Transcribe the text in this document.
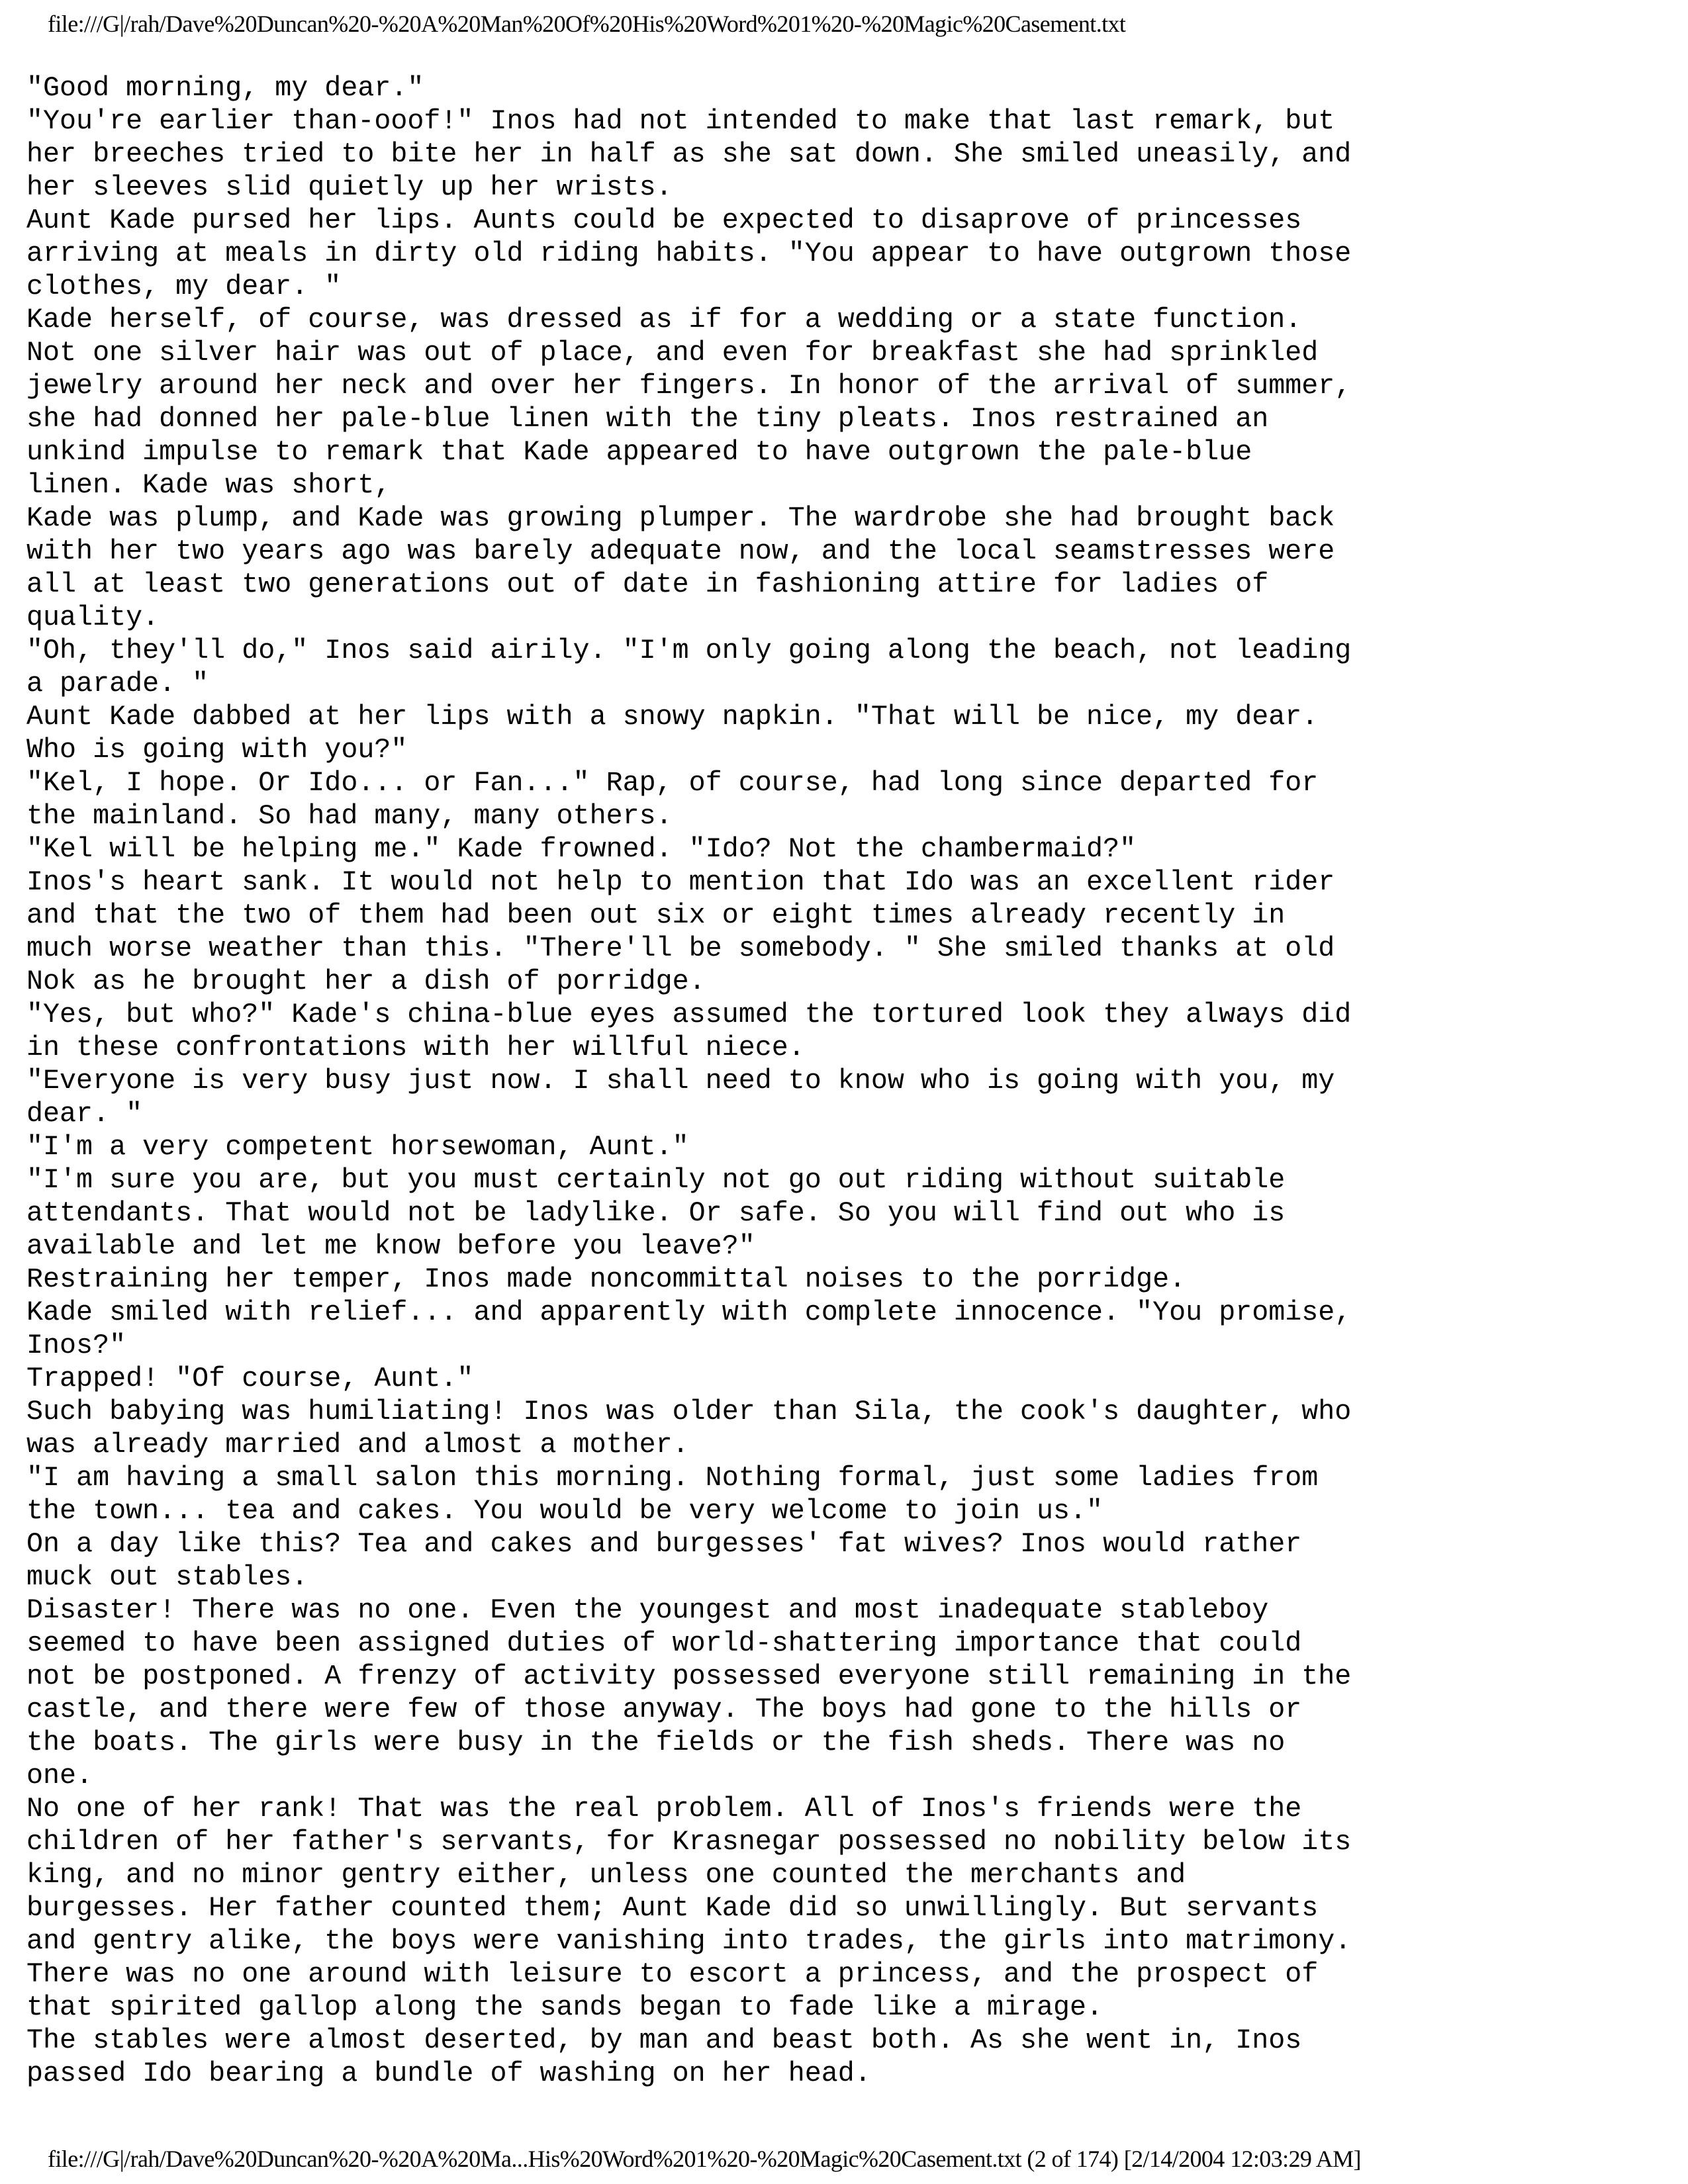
file:///G|/rah/Dave%20Duncan%20-%20A%20Man%20Of%20His%20Word%201%20-%20Magic%20Casement.txt
"Good morning, my dear."
"You're earlier than-ooof!" Inos had not intended to make that last remark, but
her breeches tried to bite her in half as she sat down. She smiled uneasily, and
her sleeves slid quietly up her wrists.
Aunt Kade pursed her lips. Aunts could be expected to disaprove of princesses
arriving at meals in dirty old riding habits. "You appear to have outgrown those
clothes, my dear. "
Kade herself, of course, was dressed as if for a wedding or a state function.
Not one silver hair was out of place, and even for breakfast she had sprinkled
jewelry around her neck and over her fingers. In honor of the arrival of summer,
she had donned her pale-blue linen with the tiny pleats. Inos restrained an
unkind impulse to remark that Kade appeared to have outgrown the pale-blue
linen. Kade was short,
Kade was plump, and Kade was growing plumper. The wardrobe she had brought back
with her two years ago was barely adequate now, and the local seamstresses were
all at least two generations out of date in fashioning attire for ladies of
quality.
"Oh, they'll do," Inos said airily. "I'm only going along the beach, not leading
a parade. "
Aunt Kade dabbed at her lips with a snowy napkin. "That will be nice, my dear.
Who is going with you?"
"Kel, I hope. Or Ido... or Fan..." Rap, of course, had long since departed for
the mainland. So had many, many others.
"Kel will be helping me." Kade frowned. "Ido? Not the chambermaid?"
Inos's heart sank. It would not help to mention that Ido was an excellent rider
and that the two of them had been out six or eight times already recently in
much worse weather than this. "There'll be somebody. " She smiled thanks at old
Nok as he brought her a dish of porridge.
"Yes, but who?" Kade's china-blue eyes assumed the tortured look they always did
in these confrontations with her willful niece.
"Everyone is very busy just now. I shall need to know who is going with you, my
dear. "
"I'm a very competent horsewoman, Aunt."
"I'm sure you are, but you must certainly not go out riding without suitable
attendants. That would not be ladylike. Or safe. So you will find out who is
available and let me know before you leave?"
Restraining her temper, Inos made noncommittal noises to the porridge.
Kade smiled with relief... and apparently with complete innocence. "You promise,
Inos?"
Trapped! "Of course, Aunt."
Such babying was humiliating! Inos was older than Sila, the cook's daughter, who
was already married and almost a mother.
"I am having a small salon this morning. Nothing formal, just some ladies from
the town... tea and cakes. You would be very welcome to join us."
On a day like this? Tea and cakes and burgesses' fat wives? Inos would rather
muck out stables.
Disaster! There was no one. Even the youngest and most inadequate stableboy
seemed to have been assigned duties of world-shattering importance that could
not be postponed. A frenzy of activity possessed everyone still remaining in the
castle, and there were few of those anyway. The boys had gone to the hills or
the boats. The girls were busy in the fields or the fish sheds. There was no
one.
No one of her rank! That was the real problem. All of Inos's friends were the
children of her father's servants, for Krasnegar possessed no nobility below its
king, and no minor gentry either, unless one counted the merchants and
burgesses. Her father counted them; Aunt Kade did so unwillingly. But servants
and gentry alike, the boys were vanishing into trades, the girls into matrimony.
There was no one around with leisure to escort a princess, and the prospect of
that spirited gallop along the sands began to fade like a mirage.
The stables were almost deserted, by man and beast both. As she went in, Inos
passed Ido bearing a bundle of washing on her head.
file:///G|/rah/Dave%20Duncan%20-%20A%20Ma...His%20Word%201%20-%20Magic%20Casement.txt (2 of 174) [2/14/2004 12:03:29 AM]
